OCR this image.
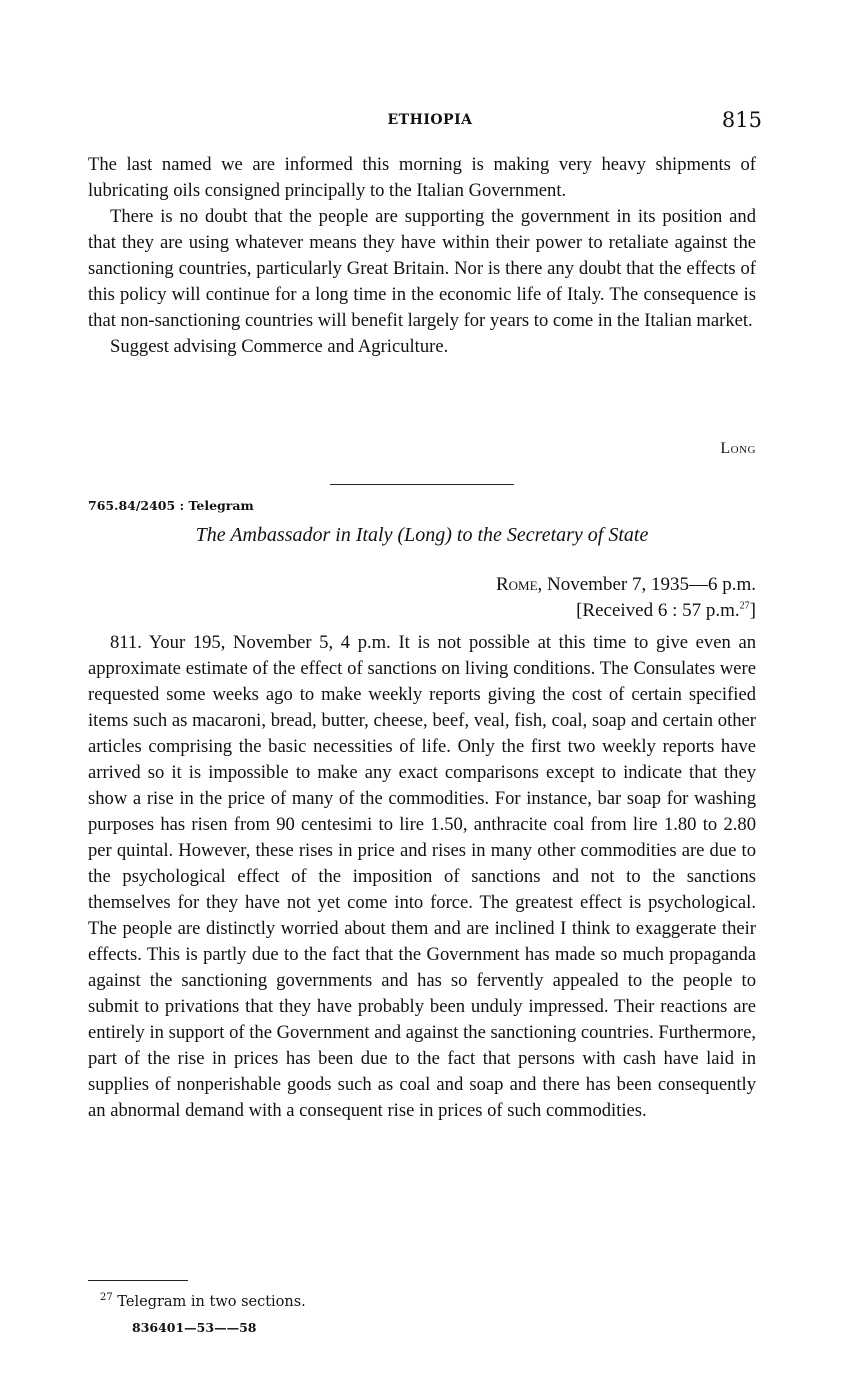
ETHIOPIA	815

The last named we are informed this morning is making very heavy shipments of lubricating oils consigned principally to the Italian Government.

There is no doubt that the people are supporting the government in its position and that they are using whatever means they have within their power to retaliate against the sanctioning countries, particularly Great Britain. Nor is there any doubt that the effects of this policy will continue for a long time in the economic life of Italy. The consequence is that non-sanctioning countries will benefit largely for years to come in the Italian market.

Suggest advising Commerce and Agriculture.

Long
765.84/2405 : Telegram
The Ambassador in Italy (Long) to the Secretary of State
Rome, November 7, 1935—6 p.m.
[Received 6 : 57 p.m.$^{27}$]

811. Your 195, November 5, 4 p.m. It is not possible at this time to give even an approximate estimate of the effect of sanctions on living conditions. The Consulates were requested some weeks ago to make weekly reports giving the cost of certain specified items such as macaroni, bread, butter, cheese, beef, veal, fish, coal, soap and certain other articles comprising the basic necessities of life. Only the first two weekly reports have arrived so it is impossible to make any exact comparisons except to indicate that they show a rise in the price of many of the commodities. For instance, bar soap for washing purposes has risen from 90 centesimi to lire 1.50, anthracite coal from lire 1.80 to 2.80 per quintal. However, these rises in price and rises in many other commodities are due to the psychological effect of the imposition of sanctions and not to the sanctions themselves for they have not yet come into force. The greatest effect is psychological. The people are distinctly worried about them and are inclined I think to exaggerate their effects. This is partly due to the fact that the Government has made so much propaganda against the sanctioning governments and has so fervently appealed to the people to submit to privations that they have probably been unduly impressed. Their reactions are entirely in support of the Government and against the sanctioning countries. Furthermore, part of the rise in prices has been due to the fact that persons with cash have laid in supplies of nonperishable goods such as coal and soap and there has been consequently an abnormal demand with a consequent rise in prices of such commodities.

$^{27}$ Telegram in two sections.
836401—53——58
